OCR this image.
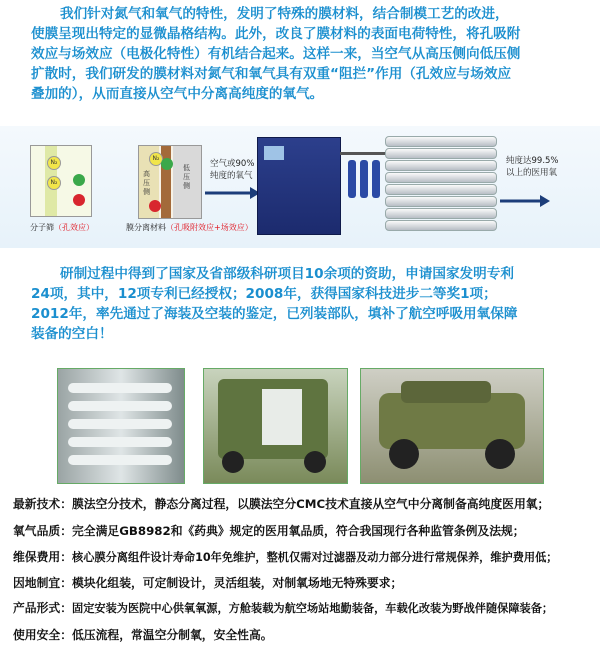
我们针对氮气和氧气的特性，发明了特殊的膜材料，结合制模工艺的改进，
使膜呈现出特定的显微晶格结构。此外，改良了膜材料的表面电荷特性，将孔吸附
效应与场效应（电极化特性）有机结合起来。这样一来，当空气从高压侧向低压侧
扩散时，我们研发的膜材料对氮气和氧气具有双重“阻拦”作用（孔效应与场效应
叠加的），从而直接从空气中分离高纯度的氧气。
N₂
N₂
分子筛（孔效应）
N₂
高压侧
低压侧
膜分离材料（孔吸附效应+场效应）
空气或90%
纯度的氧气
纯度达99.5%
以上的医用氧
研制过程中得到了国家及省部级科研项目10余项的资助，申请国家发明专利
24项，其中，12项专利已经授权；2008年，获得国家科技进步二等奖1项；
2012年，率先通过了海装及空装的鉴定，已列装部队，填补了航空呼吸用氧保障
装备的空白！
最新技术：膜法空分技术，静态分离过程，以膜法空分CMC技术直接从空气中分离制备高纯度医用氧；
氧气品质：完全满足GB8982和《药典》规定的医用氧品质，符合我国现行各种监管条例及法规；
维保费用：核心膜分离组件设计寿命10年免维护，整机仅需对过滤器及动力部分进行常规保养，维护费用低；
因地制宜：模块化组装，可定制设计，灵活组装，对制氧场地无特殊要求；
产品形式：固定安装为医院中心供氧氧源，方舱装载为航空场站地勤装备，车载化改装为野战伴随保障装备；
使用安全：低压流程，常温空分制氧，安全性高。
